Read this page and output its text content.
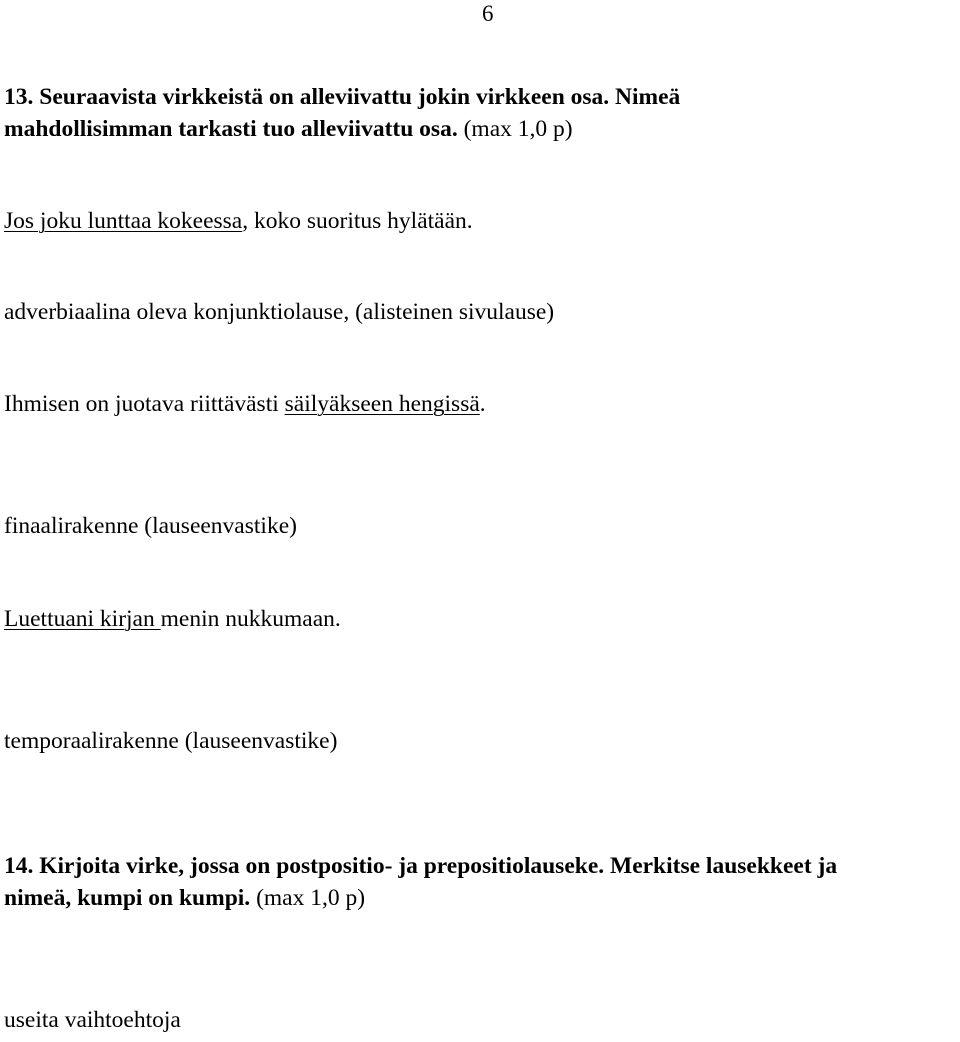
6
13. Seuraavista virkkeistä on alleviivattu jokin virkkeen osa. Nimeä
mahdollisimman tarkasti tuo alleviivattu osa. (max 1,0 p)
Jos joku lunttaa kokeessa, koko suoritus hylätään.
adverbiaalina oleva konjunktiolause, (alisteinen sivulause)
Ihmisen on juotava riittävästi säilyäkseen hengissä.
finaalirakenne (lauseenvastike)
Luettuani kirjan menin nukkumaan.
temporaalirakenne (lauseenvastike)
14. Kirjoita virke, jossa on postpositio- ja prepositiolauseke. Merkitse lausekkeet ja
nimeä, kumpi on kumpi. (max 1,0 p)
useita vaihtoehtoja
